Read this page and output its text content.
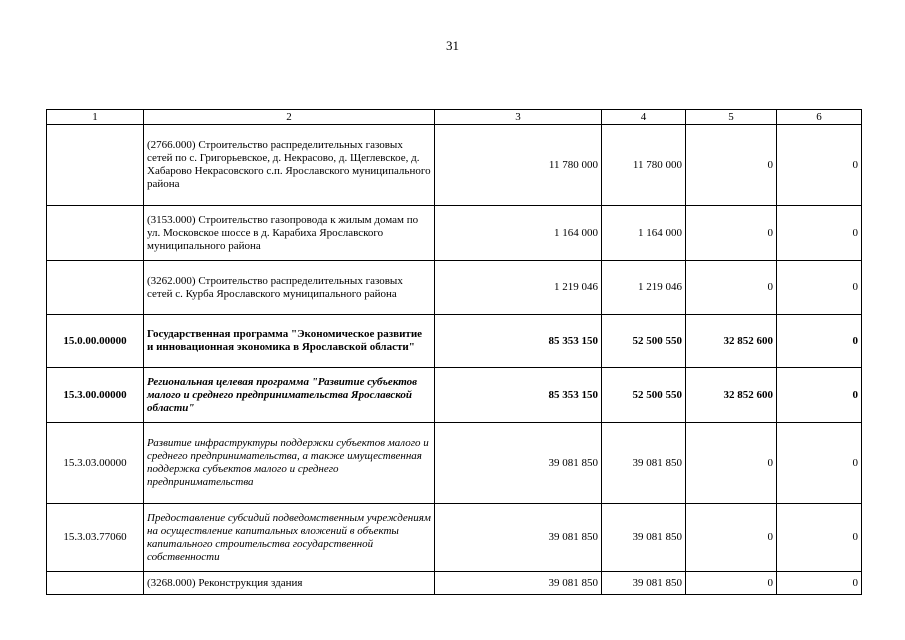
31
1	2	3	4	5	6
	(2766.000) Строительство распределительных газовых сетей по с. Григорьевское, д. Некрасово, д. Щеглевское, д. Хабарово Некрасовского с.п. Ярославского муниципального района	11 780 000	11 780 000	0	0
	(3153.000) Строительство газопровода к жилым домам по ул. Московское шоссе в д. Карабиха Ярославского муниципального района	1 164 000	1 164 000	0	0
	(3262.000) Строительство распределительных газовых сетей с. Курба Ярославского муниципального района	1 219 046	1 219 046	0	0
15.0.00.00000	Государственная программа "Экономическое развитие и инновационная экономика в Ярославской области"	85 353 150	52 500 550	32 852 600	0
15.3.00.00000	Региональная целевая программа "Развитие субъектов малого и среднего предпринимательства Ярославской области"	85 353 150	52 500 550	32 852 600	0
15.3.03.00000	Развитие инфраструктуры поддержки субъектов малого и среднего предпринимательства, а также имущественная поддержка субъектов малого и среднего предпринимательства	39 081 850	39 081 850	0	0
15.3.03.77060	Предоставление субсидий подведомственным учреждениям на осуществление капитальных вложений в объекты капитального строительства государственной собственности	39 081 850	39 081 850	0	0
	(3268.000) Реконструкция здания	39 081 850	39 081 850	0	0
